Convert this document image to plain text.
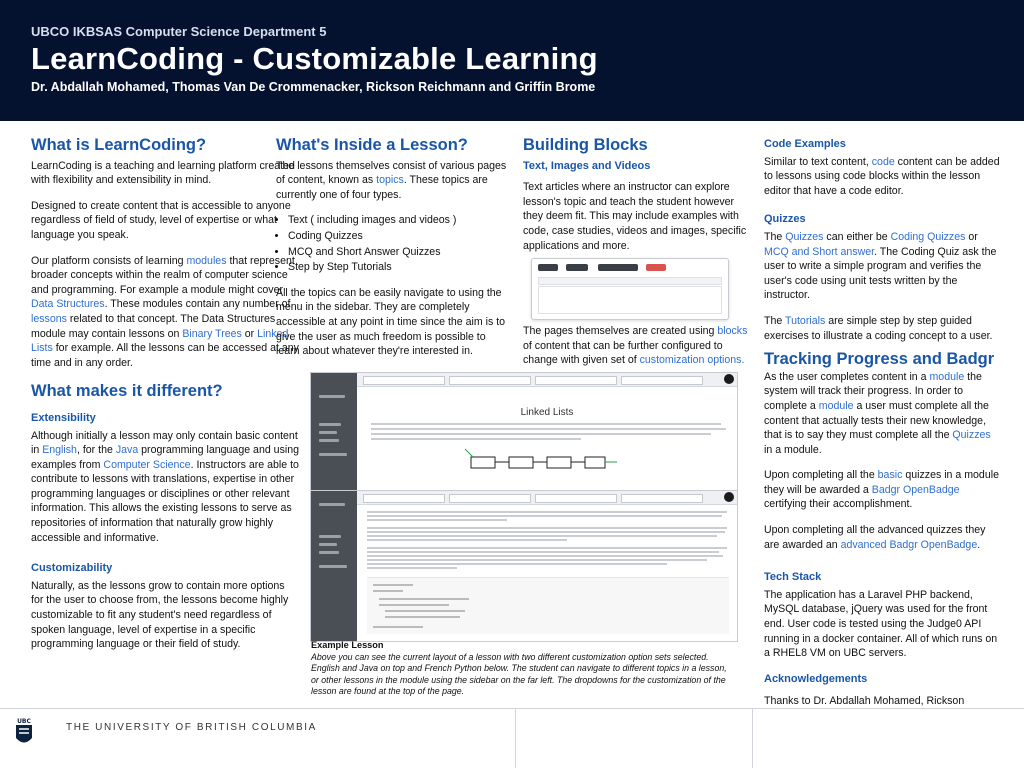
UBCO IKBSAS Computer Science Department 5
LearnCoding - Customizable Learning
Dr. Abdallah Mohamed, Thomas Van De Crommenacker, Rickson Reichmann and Griffin Brome
What is LearnCoding?

LearnCoding is a teaching and learning platform created with flexibility and extensibility in mind.

Designed to create content that is accessible to anyone regardless of field of study, level of expertise or what language you speak.

Our platform consists of learning modules that represent broader concepts within the realm of computer science and programming. For example a module might cover Data Structures. These modules contain any number of lessons related to that concept. The Data Structures module may contain lessons on Binary Trees or Linked Lists for example. All the lessons can be accessed at any time and in any order.

What makes it different?
Extensibility

Although initially a lesson may only contain basic content in English, for the Java programming language and using examples from Computer Science. Instructors are able to contribute to lessons with translations, expertise in other programming languages or disciplines or other relevant information. This allows the existing lessons to serve as repositories of information that naturally grow highly accessible and informative.

Customizability

Naturally, as the lessons grow to contain more options for the user to choose from, the lessons become highly customizable to fit any student's need regardless of spoken language, level of expertise in a specific programming language or their field of study.

What's Inside a Lesson?

The lessons themselves consist of various pages of content, known as topics. These topics are currently one of four types.

• Text ( including images and videos )
• Coding Quizzes
• MCQ and Short Answer Quizzes
• Step by Step Tutorials

All the topics can be easily navigate to using the menu in the sidebar. They are completely accessible at any point in time since the aim is to give the user as much freedom is possible to learn about whatever they're interested in.

Building Blocks
Text, Images and Videos

Text articles where an instructor can explore lesson's topic and teach the student however they deem fit. This may include examples with code, case studies, videos and images, specific applications and more.

The pages themselves are created using blocks of content that can be further configured to change with given set of customization options.

Code Examples

Similar to text content, code content can be added to lessons using code blocks within the lesson editor that have a code editor.

Quizzes

The Quizzes can either be Coding Quizzes or MCQ and Short answer. The Coding Quiz ask the user to write a simple program and verifies the user's code using unit tests written by the instructor.

The Tutorials are simple step by step guided exercises to illustrate a coding concept to a user.

Tracking Progress and Badgr

As the user completes content in a module the system will track their progress. In order to complete a module a user must complete all the content that actually tests their new knowledge, that is to say they must complete all the Quizzes in a module.

Upon completing all the basic quizzes in a module they will be awarded a Badgr OpenBadge certifying their accomplishment.

Upon completing all the advanced quizzes they are awarded an advanced Badgr OpenBadge.

Tech Stack

The application has a Laravel PHP backend, MySQL database, jQuery was used for the front end. User code is tested using the Judge0 API running in a docker container. All of which runs on a RHEL8 VM on UBC servers.

Acknowledgements

Thanks to Dr. Abdallah Mohamed, Rickson

Linked Lists
Example Lesson
Above you can see the current layout of a lesson with two different customization option sets selected. English and Java on top and French Python below. The student can navigate to different topics in a lesson, or other lessons in the module using the sidebar on the far left. The dropdowns for the customization of the lesson are found at the top of the page.
UBC
THE UNIVERSITY OF BRITISH COLUMBIA
